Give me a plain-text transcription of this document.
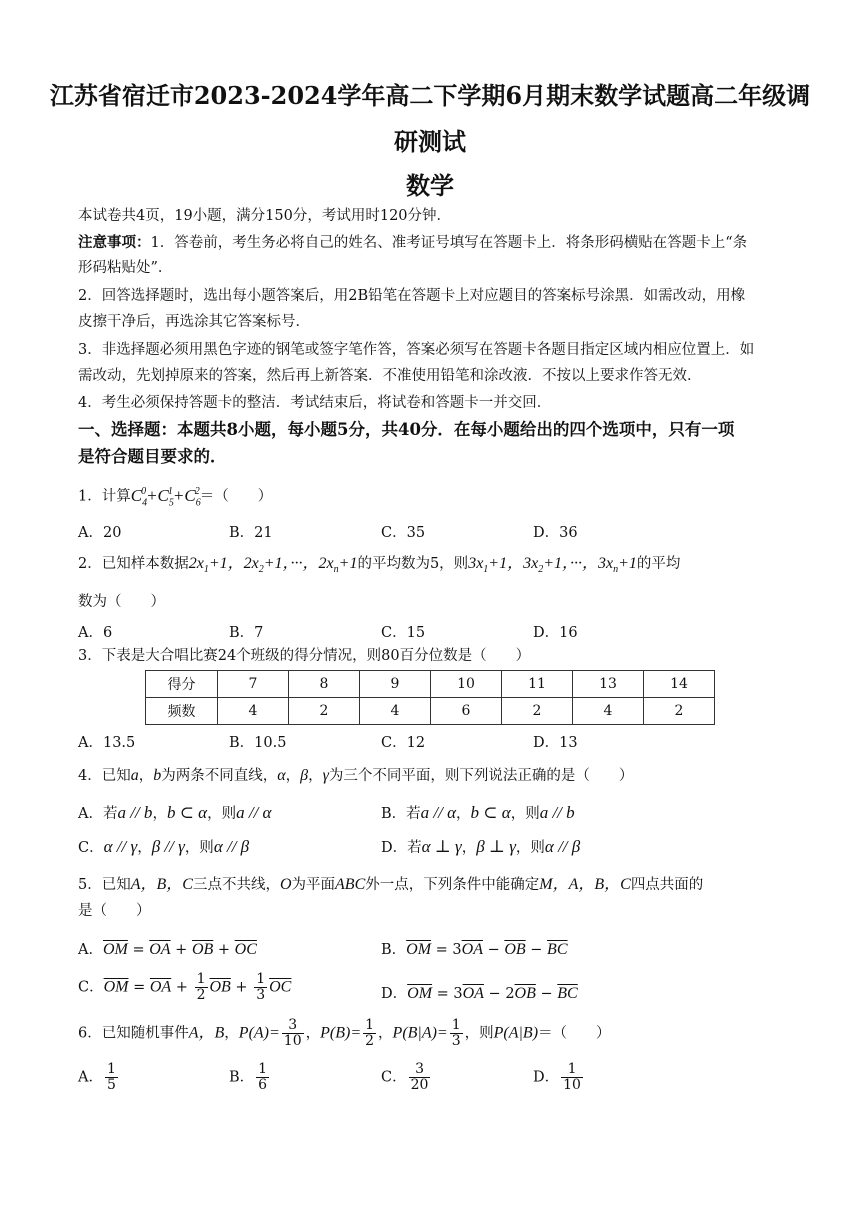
江苏省宿迁市2023-2024学年高二下学期6月期末数学试题高二年级调
研测试
数学
本试卷共4页，19小题，满分150分，考试用时120分钟．
注意事项：1．答卷前，考生务必将自己的姓名、准考证号填写在答题卡上．将条形码横贴在答题卡上“条
形码粘贴处”．
2．回答选择题时，选出每小题答案后，用2B铅笔在答题卡上对应题目的答案标号涂黑．如需改动，用橡
皮擦干净后，再选涂其它答案标号．
3．非选择题必须用黑色字迹的钢笔或签字笔作答，答案必须写在答题卡各题目指定区域内相应位置上．如
需改动，先划掉原来的答案，然后再上新答案．不准使用铅笔和涂改液．不按以上要求作答无效．
4．考生必须保持答题卡的整洁．考试结束后，将试卷和答题卡一并交回．
一、选择题：本题共8小题，每小题5分，共40分．在每小题给出的四个选项中，只有一项
是符合题目要求的．
1．计算$C_4^0+C_5^1+C_6^2=$（　　）
A．20	B．21	C．35	D．36
2．已知样本数据$2x_1+1$，$2x_2+1$，···，$2x_n+1$的平均数为5，则$3x_1+1$，$3x_2+1$，···，$3x_n+1$的平均
数为（　　）
A．6	B．7	C．15	D．16
3．下表是大合唱比赛24个班级的得分情况，则80百分位数是（　　）
得分	7	8	9	10	11	13	14
频数	4	2	4	6	2	4	2
A．13.5	B．10.5	C．12	D．13
4．已知a，b为两条不同直线，α，β，γ为三个不同平面，则下列说法正确的是（　　）
A．若a // b，b ⊂ α，则a // α	B．若a // α，b ⊂ α，则a // b
C．α // γ，β // γ，则α // β	D．若α ⊥ γ，β ⊥ γ，则α // β
5．已知A，B，C三点不共线，O为平面ABC外一点，下列条件中能确定M，A，B，C四点共面的
是（　　）
A．$\overline{OM} = \overline{OA} + \overline{OB} + \overline{OC}$	B．$\overline{OM} = 3\overline{OA} - \overline{OB} - \overline{BC}$
C．$\overline{OM} = \overline{OA} + \frac{1}{2} \overline{OB} + \frac{1}{3} \overline{OC}$	D．$\overline{OM} = 3\overline{OA} - 2\overline{OB} - \overline{BC}$
6．已知随机事件A，B，$P(A)= \frac{3}{10}$ ，$P(B)= \frac{1}{2}$ ，$P(B|A)= \frac{1}{3}$ ，则P(A|B)＝（　　）
A． $\frac{1}{5}$	B． $\frac{1}{6}$	C． $\frac{3}{20}$	D． $\frac{1}{10}$
